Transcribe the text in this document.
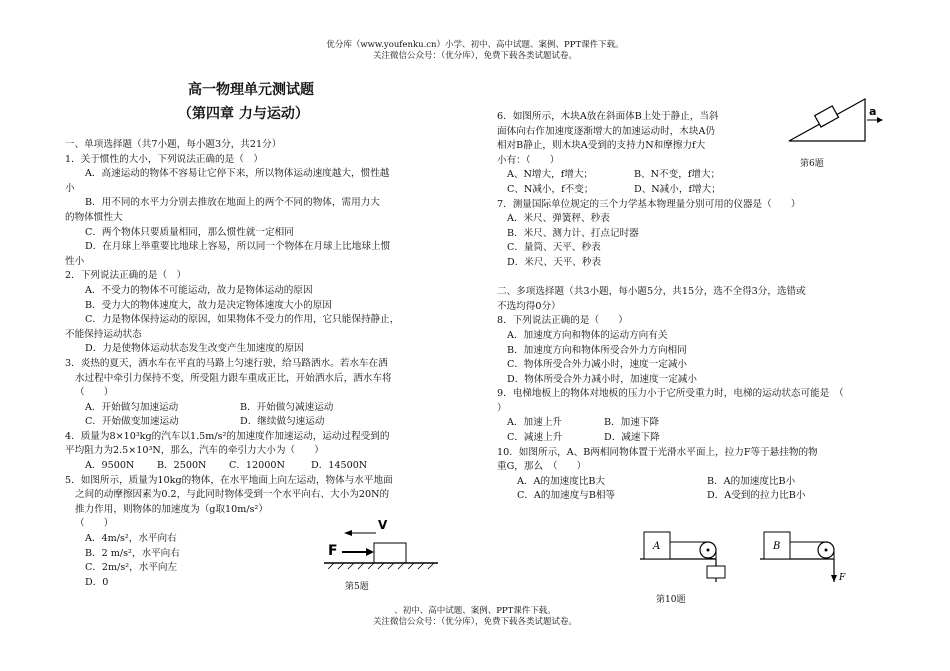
优分库（www.youfenku.cn）小学、初中、高中试题、案例、PPT课件下载。
关注微信公众号：（优分库），免费下载各类试题试卷。
高一物理单元测试题
（第四章 力与运动）

一、单项选择题（共7小题，每小题3分，共21分）

1．关于惯性的大小，下列说法正确的是（　）

A．高速运动的物体不容易让它停下来，所以物体运动速度越大，惯性越

小

B．用不同的水平力分别去推放在地面上的两个不同的物体，需用力大

的物体惯性大

C．两个物体只要质量相同，那么惯性就一定相同

D．在月球上举重要比地球上容易，所以同一个物体在月球上比地球上惯

性小

2．下列说法正确的是（　）

A．不受力的物体不可能运动，故力是物体运动的原因

B．受力大的物体速度大，故力是决定物体速度大小的原因

C．力是物体保持运动的原因，如果物体不受力的作用，它只能保持静止，

不能保持运动状态

D．力是使物体运动状态发生改变产生加速度的原因

3．炎热的夏天，洒水车在平直的马路上匀速行驶，给马路洒水。若水车在洒

水过程中牵引力保持不变，所受阻力跟车重成正比，开始洒水后，洒水车将

（　　）

A．开始做匀加速运动	B．开始做匀减速运动

C．开始做变加速运动	D．继续做匀速运动

4．质量为8×10³kg的汽车以1.5m/s²的加速度作加速运动，运动过程受到的

平均阻力为2.5×10³N，那么，汽车的牵引力大小为（　　）

A．9500N B．2500N C．12000N	D．14500N

5．如图所示，质量为10kg的物体，在水平地面上向左运动，物体与水平地面

之间的动摩擦因素为0.2，与此同时物体受到一个水平向右、大小为20N的

推力作用，则物体的加速度为（g取10m/s²）

（　　）

A．4m/s²，水平向右

B．2 m/s²，水平向右

C．2m/s²，水平向左

D．0

V
F
第5题

6．如图所示，木块A放在斜面体B上处于静止，当斜

面体向右作加速度逐渐增大的加速运动时，木块A仍

相对B静止，则木块A受到的支持力N和摩擦力f大

小有：（　　）

A、N增大，f增大；	B、N不变，f增大；

C、N减小，f不变；	D、N减小，f增大；

7．测量国际单位规定的三个力学基本物理量分别可用的仪器是（　　）

A．米尺、弹簧秤、秒表

B．米尺、测力计、打点记时器

C．量筒、天平、秒表

D．米尺、天平、秒表

二、多项选择题（共3小题，每小题5分，共15分，选不全得3分，选错或

不选均得0分）

8．下列说法正确的是（　　）

A．加速度方向和物体的运动方向有关

B．加速度方向和物体所受合外力方向相同

C．物体所受合外力减小时，速度一定减小

D．物体所受合外力减小时，加速度一定减小

9．电梯地板上的物体对地板的压力小于它所受重力时，电梯的运动状态可能是　（

）

A．加速上升	B．加速下降

C．减速上升	D．减速下降

10．如图所示，A、B两相同物体置于光滑水平面上，拉力F等于悬挂物的物

重G，那么　（　　）

A．A的加速度比B大	B．A的加速度比B小

C．A的加速度与B相等	D．A受到的拉力比B小

a
第6题
A	B
F
第10题
、初中、高中试题、案例、PPT课件下载。
关注微信公众号：（优分库），免费下载各类试题试卷。
